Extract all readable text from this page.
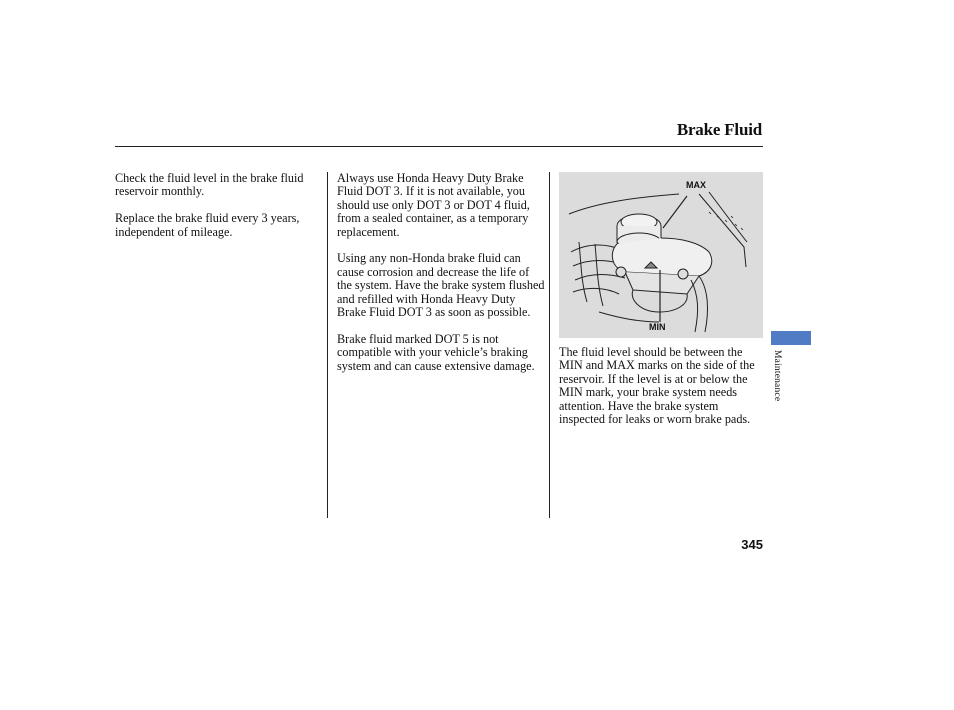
Brake Fluid

Check the fluid level in the brake fluid reservoir monthly.

Replace the brake fluid every 3 years, independent of mileage.

Always use Honda Heavy Duty Brake Fluid DOT 3. If it is not available, you should use only DOT 3 or DOT 4 fluid, from a sealed container, as a temporary replacement.

Using any non-Honda brake fluid can cause corrosion and decrease the life of the system. Have the brake system flushed and refilled with Honda Heavy Duty Brake Fluid DOT 3 as soon as possible.

Brake fluid marked DOT 5 is not compatible with your vehicle’s braking system and can cause extensive damage.

MAX
MIN

The fluid level should be between the MIN and MAX marks on the side of the reservoir. If the level is at or below the MIN mark, your brake system needs attention. Have the brake system inspected for leaks or worn brake pads.

Maintenance
345
